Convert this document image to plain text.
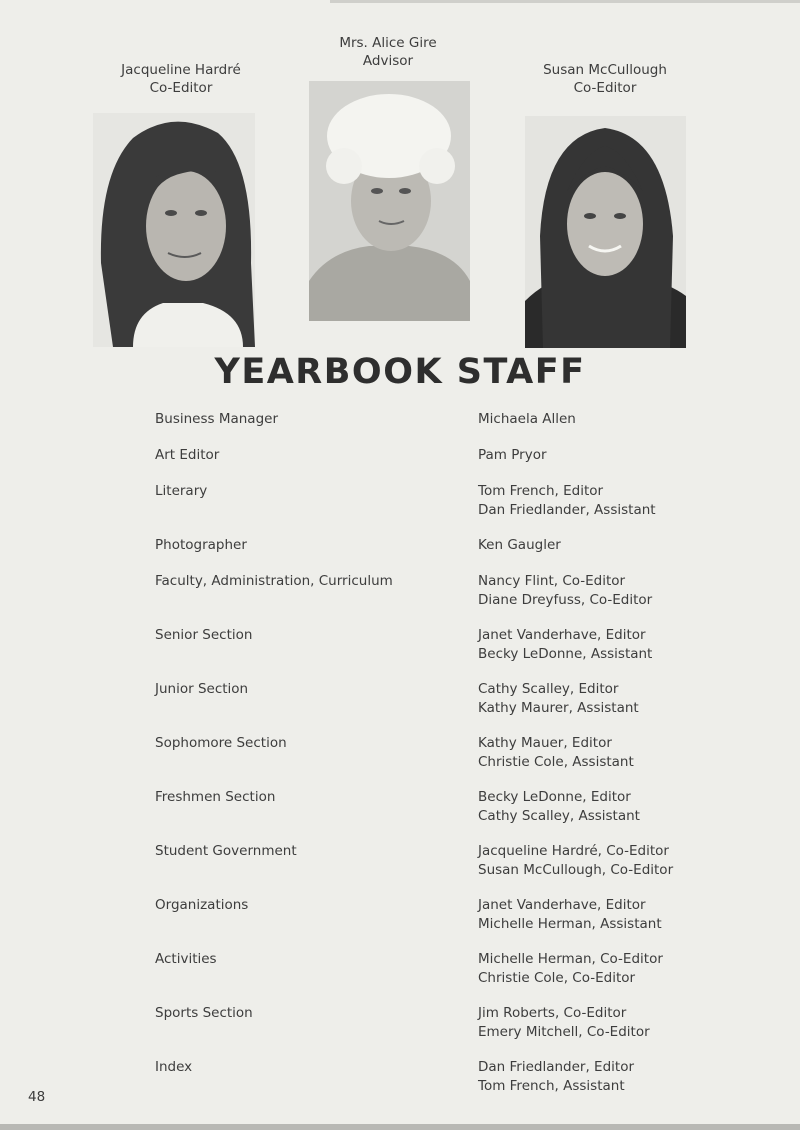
Jacqueline Hardré
Co-Editor
Mrs. Alice Gire
Advisor
Susan McCullough
Co-Editor
YEARBOOK STAFF
Business Manager	Michaela Allen
Art Editor	Pam Pryor
Literary	Tom French, Editor
Dan Friedlander, Assistant
Photographer	Ken Gaugler
Faculty, Administration, Curriculum	Nancy Flint, Co-Editor
Diane Dreyfuss, Co-Editor
Senior Section	Janet Vanderhave, Editor
Becky LeDonne, Assistant
Junior Section	Cathy Scalley, Editor
Kathy Maurer, Assistant
Sophomore Section	Kathy Mauer, Editor
Christie Cole, Assistant
Freshmen Section	Becky LeDonne, Editor
Cathy Scalley, Assistant
Student Government	Jacqueline Hardré, Co-Editor
Susan McCullough, Co-Editor
Organizations	Janet Vanderhave, Editor
Michelle Herman, Assistant
Activities	Michelle Herman, Co-Editor
Christie Cole, Co-Editor
Sports Section	Jim Roberts, Co-Editor
Emery Mitchell, Co-Editor
Index	Dan Friedlander, Editor
Tom French, Assistant
48
